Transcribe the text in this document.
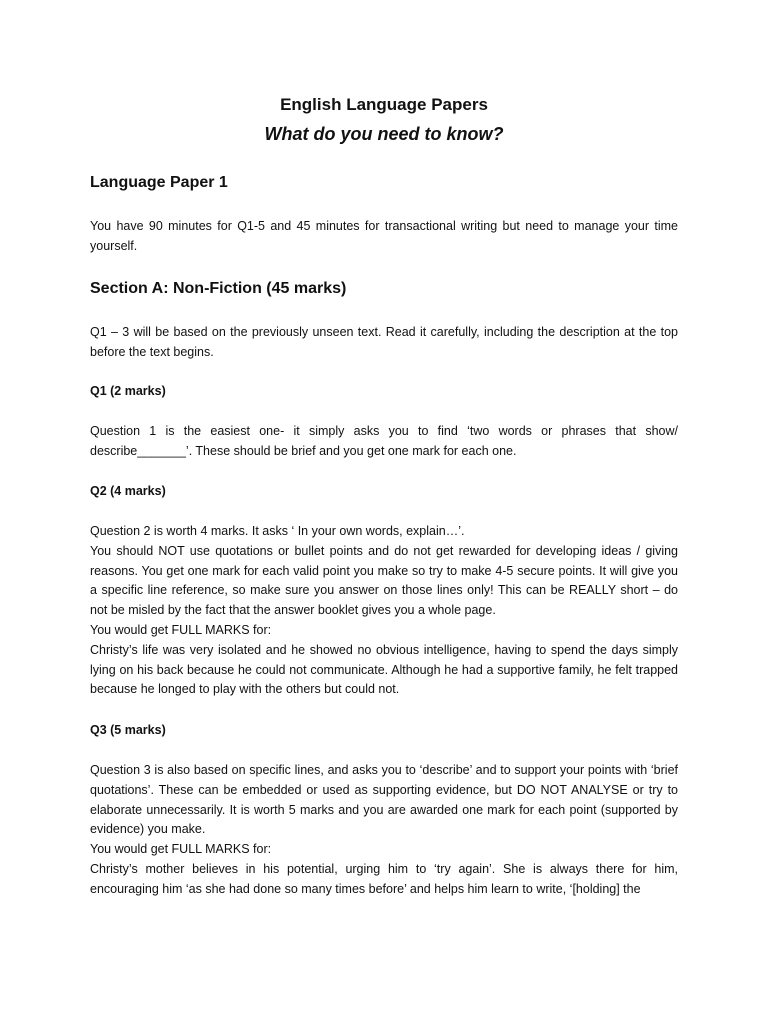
English Language Papers
What do you need to know?
Language Paper 1

You have 90 minutes for Q1-5 and 45 minutes for transactional writing but need to manage your time yourself.

Section A: Non-Fiction (45 marks)

Q1 – 3 will be based on the previously unseen text. Read it carefully, including the description at the top before the text begins.

Q1 (2 marks)

Question 1 is the easiest one- it simply asks you to find ‘two words or phrases that show/ describe_______’. These should be brief and you get one mark for each one.

Q2 (4 marks)

Question 2 is worth 4 marks. It asks ‘ In your own words, explain…’.

You should NOT use quotations or bullet points and do not get rewarded for developing ideas / giving reasons. You get one mark for each valid point you make so try to make 4-5 secure points. It will give you a specific line reference, so make sure you answer on those lines only! This can be REALLY short – do not be misled by the fact that the answer booklet gives you a whole page.

You would get FULL MARKS for:

Christy’s life was very isolated and he showed no obvious intelligence, having to spend the days simply lying on his back because he could not communicate. Although he had a supportive family, he felt trapped because he longed to play with the others but could not.

Q3 (5 marks)

Question 3 is also based on specific lines, and asks you to ‘describe’ and to support your points with ‘brief quotations’. These can be embedded or used as supporting evidence, but DO NOT ANALYSE or try to elaborate unnecessarily. It is worth 5 marks and you are awarded one mark for each point (supported by evidence) you make.

You would get FULL MARKS for:

Christy’s mother believes in his potential, urging him to ‘try again’. She is always there for him, encouraging him ‘as she had done so many times before’ and helps him learn to write, ‘[holding] the
